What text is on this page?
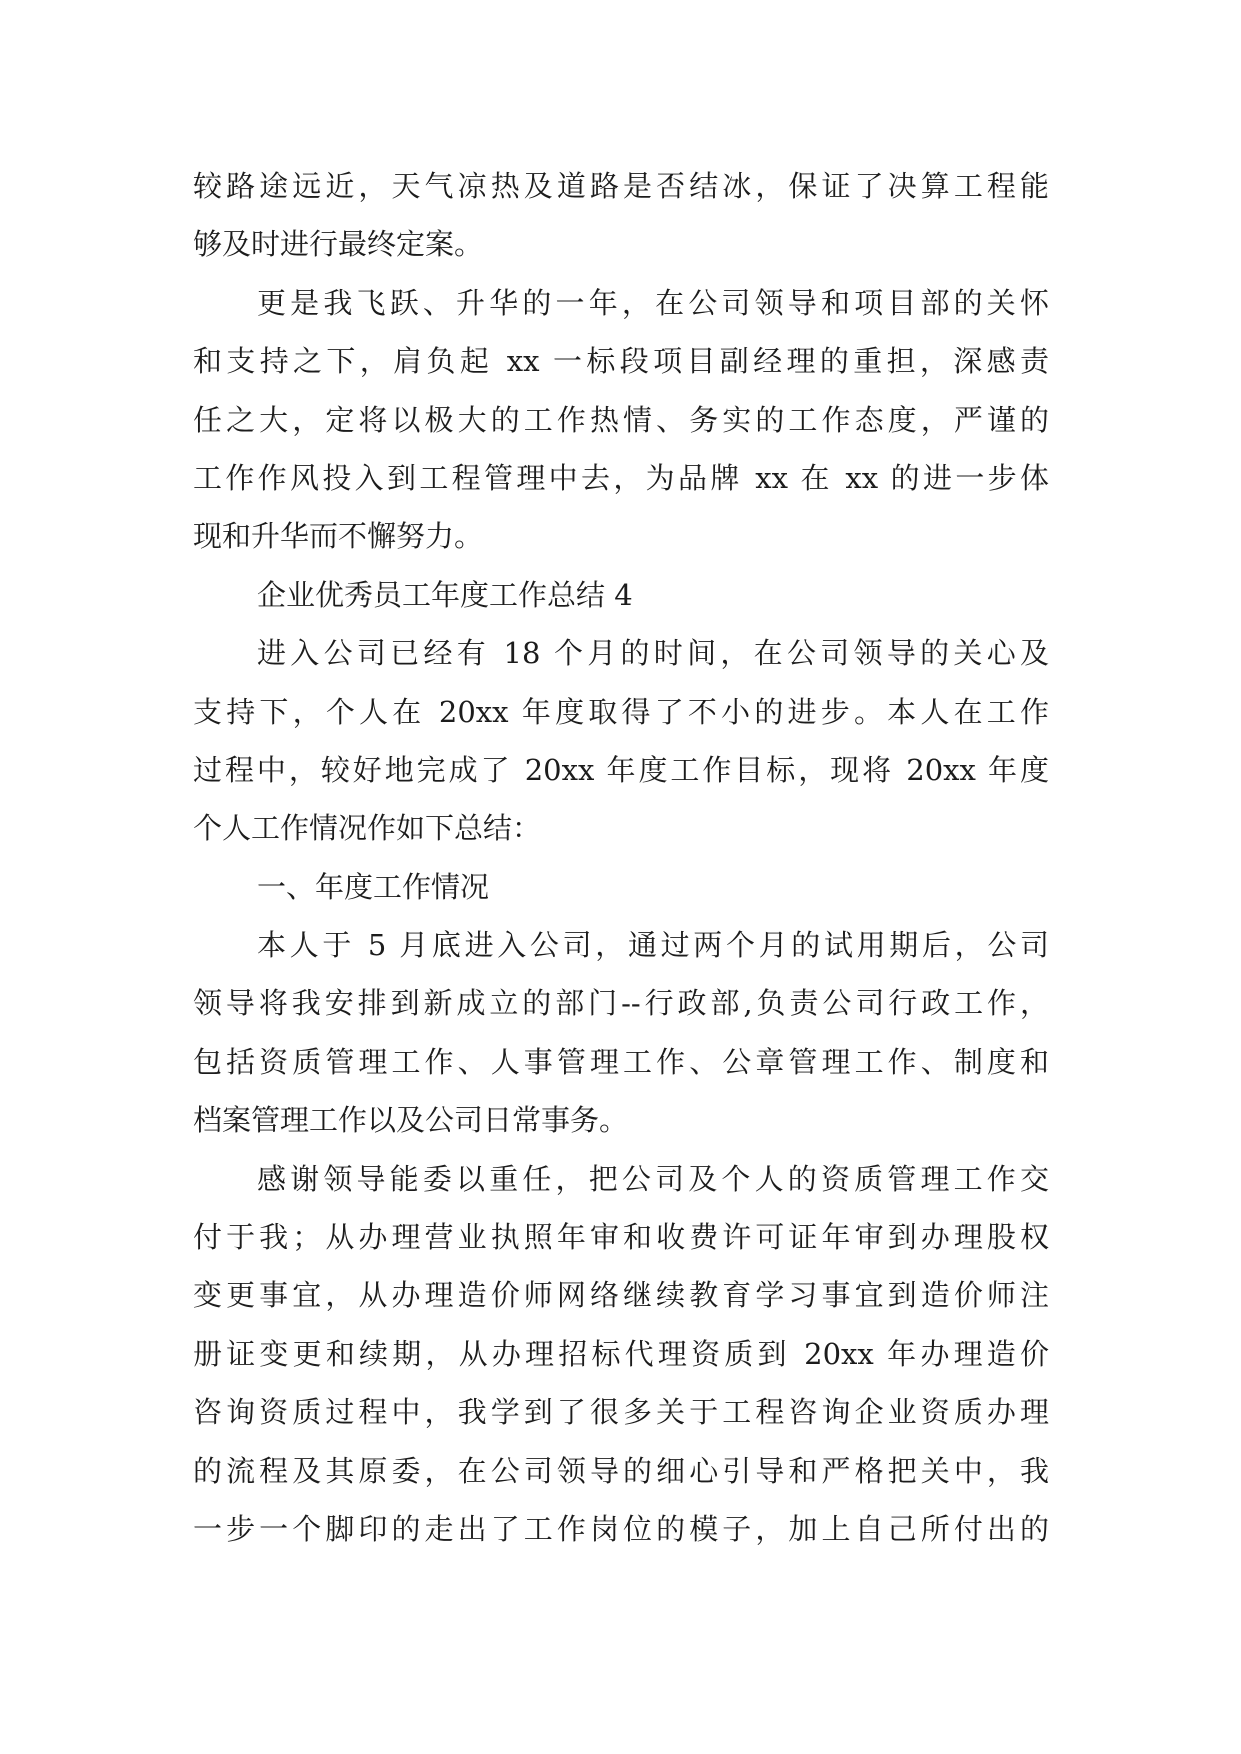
较路途远近，天气凉热及道路是否结冰，保证了决算工程能
够及时进行最终定案。
更是我飞跃、升华的一年，在公司领导和项目部的关怀
和支持之下，肩负起 xx 一标段项目副经理的重担，深感责
任之大，定将以极大的工作热情、务实的工作态度，严谨的
工作作风投入到工程管理中去，为品牌 xx 在 xx 的进一步体
现和升华而不懈努力。
企业优秀员工年度工作总结 4
进入公司已经有 18 个月的时间，在公司领导的关心及
支持下，个人在 20xx 年度取得了不小的进步。本人在工作
过程中，较好地完成了 20xx 年度工作目标，现将 20xx 年度
个人工作情况作如下总结：
一、年度工作情况
本人于 5 月底进入公司，通过两个月的试用期后，公司
领导将我安排到新成立的部门--行政部,负责公司行政工作，
包括资质管理工作、人事管理工作、公章管理工作、制度和
档案管理工作以及公司日常事务。
感谢领导能委以重任，把公司及个人的资质管理工作交
付于我；从办理营业执照年审和收费许可证年审到办理股权
变更事宜，从办理造价师网络继续教育学习事宜到造价师注
册证变更和续期，从办理招标代理资质到 20xx 年办理造价
咨询资质过程中，我学到了很多关于工程咨询企业资质办理
的流程及其原委，在公司领导的细心引导和严格把关中，我
一步一个脚印的走出了工作岗位的模子，加上自己所付出的
